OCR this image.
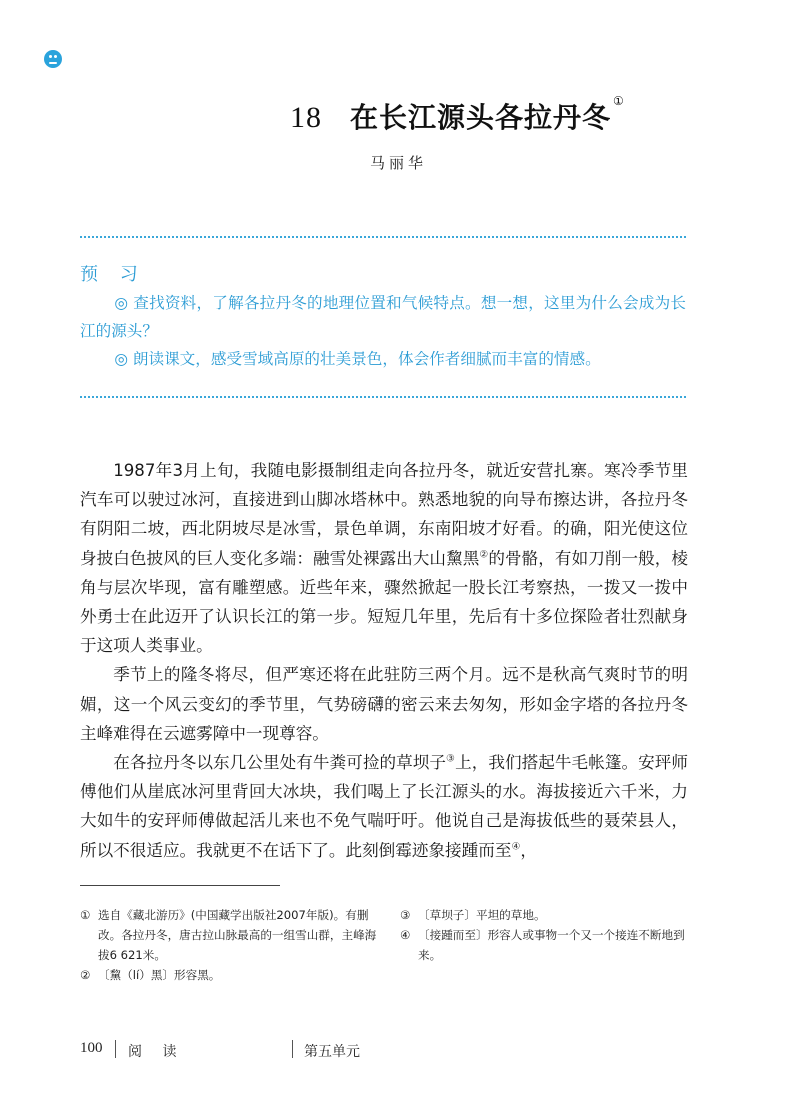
18 在长江源头各拉丹冬 ①
马丽华
预 习

◎ 查找资料，了解各拉丹冬的地理位置和气候特点。想一想，这里为什么会成为长江的源头？

◎ 朗读课文，感受雪域高原的壮美景色，体会作者细腻而丰富的情感。

1987年3月上旬，我随电影摄制组走向各拉丹冬，就近安营扎寨。寒冷季节里汽车可以驶过冰河，直接进到山脚冰塔林中。熟悉地貌的向导布擦达讲，各拉丹冬有阴阳二坡，西北阴坡尽是冰雪，景色单调，东南阳坡才好看。的确，阳光使这位身披白色披风的巨人变化多端：融雪处裸露出大山黧黑②的骨骼，有如刀削一般，棱角与层次毕现，富有雕塑感。近些年来，骤然掀起一股长江考察热，一拨又一拨中外勇士在此迈开了认识长江的第一步。短短几年里，先后有十多位探险者壮烈献身于这项人类事业。

季节上的隆冬将尽，但严寒还将在此驻防三两个月。远不是秋高气爽时节的明媚，这一个风云变幻的季节里，气势磅礴的密云来去匆匆，形如金字塔的各拉丹冬主峰难得在云遮雾障中一现尊容。

在各拉丹冬以东几公里处有牛粪可捡的草坝子③上，我们搭起牛毛帐篷。安玶师傅他们从崖底冰河里背回大冰块，我们喝上了长江源头的水。海拔接近六千米，力大如牛的安玶师傅做起活儿来也不免气喘吁吁。他说自己是海拔低些的聂荣县人，所以不很适应。我就更不在话下了。此刻倒霉迹象接踵而至④，

① 选自《藏北游历》(中国藏学出版社2007年版)。有删改。各拉丹冬，唐古拉山脉最高的一组雪山群，主峰海拔6 621米。
② 〔黧（lí）黑〕形容黑。
③ 〔草坝子〕平坦的草地。
④ 〔接踵而至〕形容人或事物一个又一个接连不断地到来。
100 阅 读	第五单元
